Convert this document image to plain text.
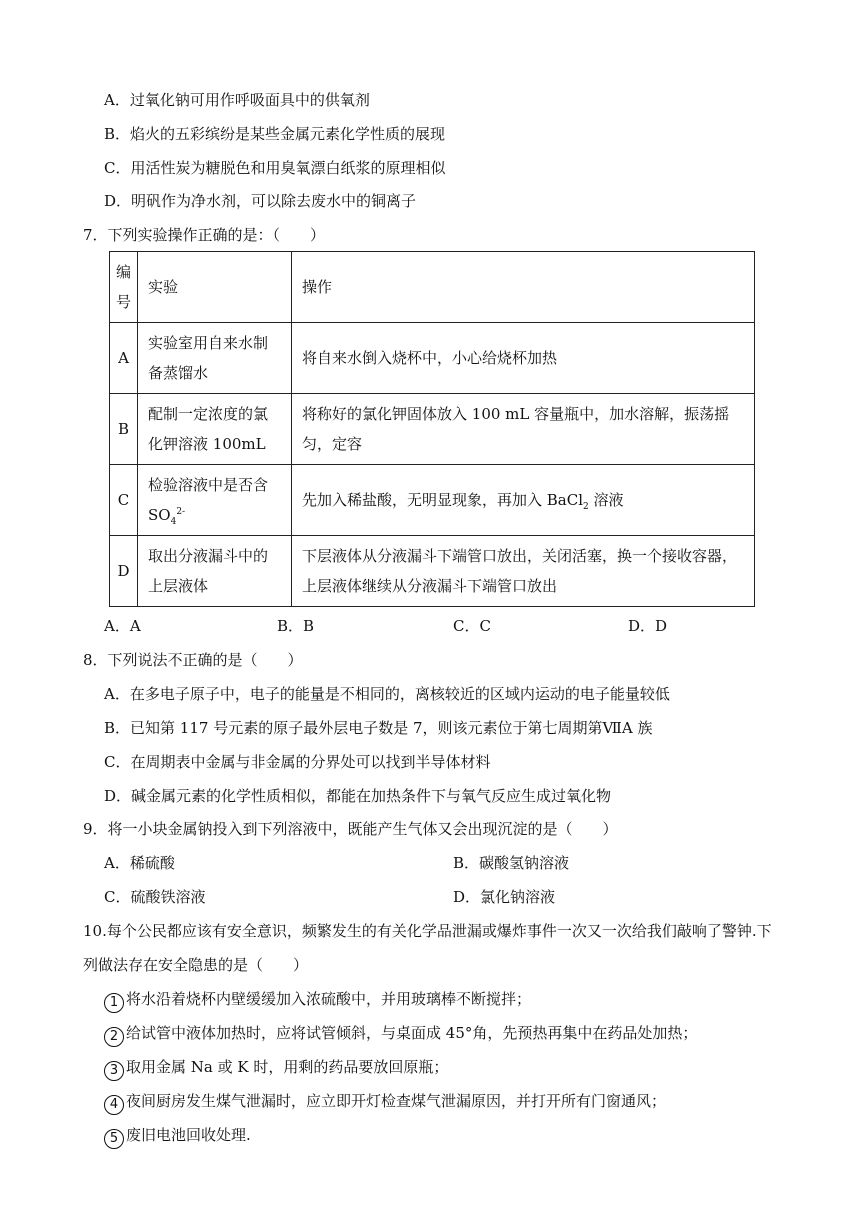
A．过氧化钠可用作呼吸面具中的供氧剂
B．焰火的五彩缤纷是某些金属元素化学性质的展现
C．用活性炭为糖脱色和用臭氧漂白纸浆的原理相似
D．明矾作为净水剂，可以除去废水中的铜离子
7．下列实验操作正确的是：（　　）
编号	实验	操作
A	实验室用自来水制备蒸馏水	将自来水倒入烧杯中，小心给烧杯加热
B	配制一定浓度的氯化钾溶液 100mL	将称好的氯化钾固体放入 100 mL 容量瓶中，加水溶解，振荡摇匀，定容
C	检验溶液中是否含 $SO_4^{2-}$	先加入稀盐酸，无明显现象，再加入 BaCl$_2$ 溶液
D	取出分液漏斗中的上层液体	下层液体从分液漏斗下端管口放出，关闭活塞，换一个接收容器，上层液体继续从分液漏斗下端管口放出
A．A	B．B	C．C	D．D
8．下列说法不正确的是（　　）
A．在多电子原子中，电子的能量是不相同的，离核较近的区域内运动的电子能量较低
B．已知第 117 号元素的原子最外层电子数是 7，则该元素位于第七周期第ⅦA 族
C．在周期表中金属与非金属的分界处可以找到半导体材料
D．碱金属元素的化学性质相似，都能在加热条件下与氧气反应生成过氧化物
9．将一小块金属钠投入到下列溶液中，既能产生气体又会出现沉淀的是（　　）
A．稀硫酸	B．碳酸氢钠溶液
C．硫酸铁溶液	D．氯化钠溶液
10.每个公民都应该有安全意识，频繁发生的有关化学品泄漏或爆炸事件一次又一次给我们敲响了警钟.下
列做法存在安全隐患的是（　　）
1 将水沿着烧杯内壁缓缓加入浓硫酸中，并用玻璃棒不断搅拌；
2 给试管中液体加热时，应将试管倾斜，与桌面成 45°角，先预热再集中在药品处加热；
3 取用金属 Na 或 K 时，用剩的药品要放回原瓶；
4 夜间厨房发生煤气泄漏时，应立即开灯检查煤气泄漏原因，并打开所有门窗通风；
5 废旧电池回收处理.
